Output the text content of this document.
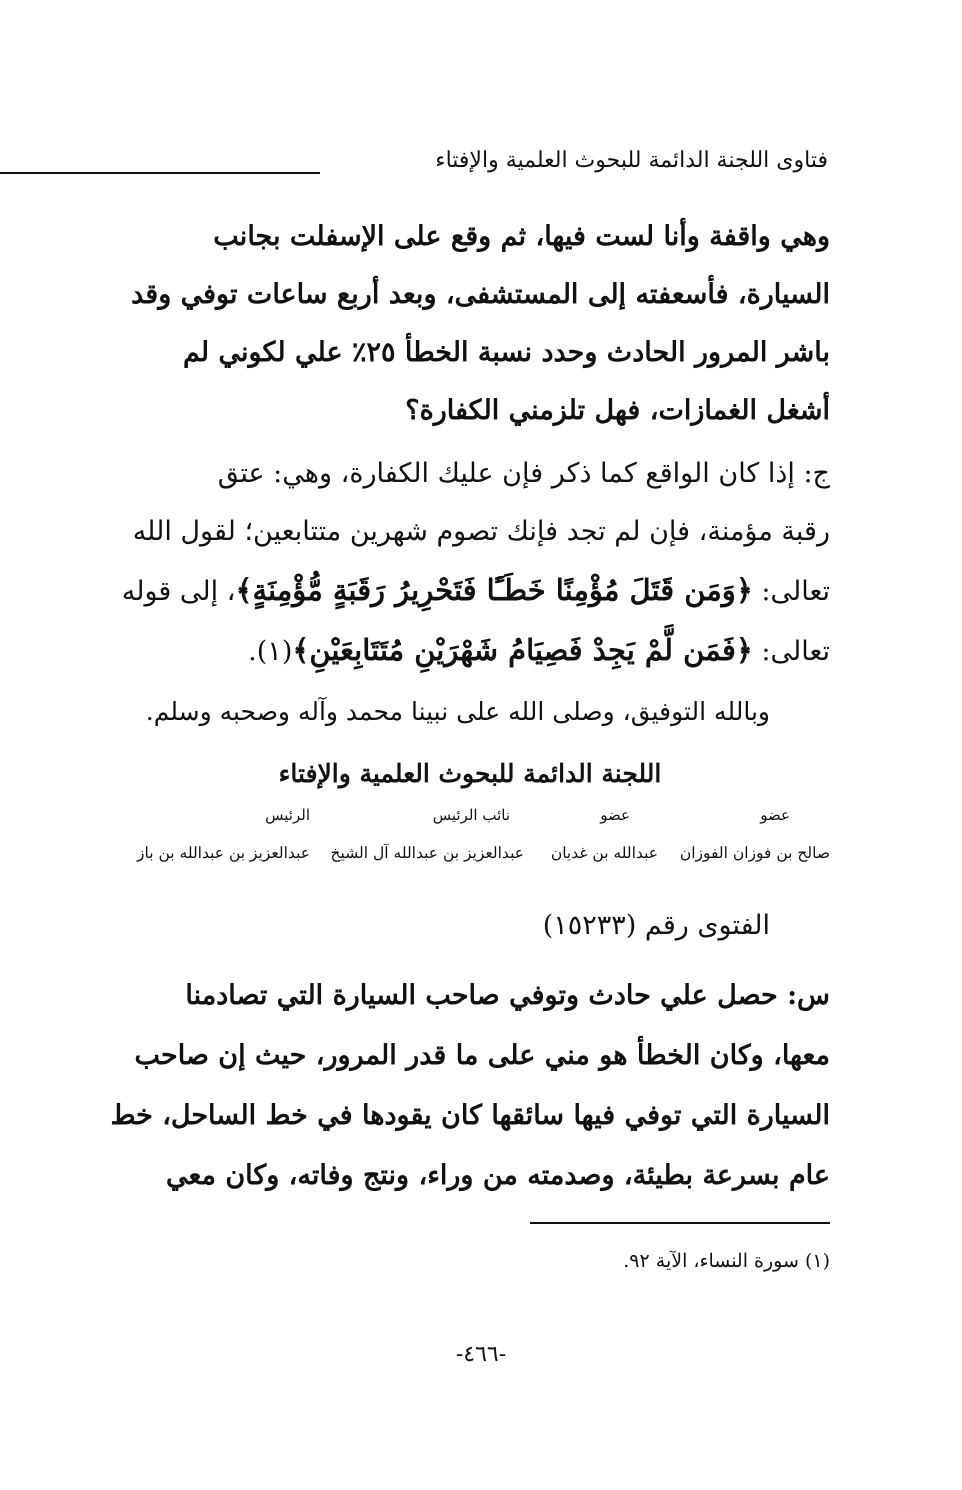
فتاوى اللجنة الدائمة للبحوث العلمية والإفتاء
وهي واقفة وأنا لست فيها، ثم وقع على الإسفلت بجانب
السيارة، فأسعفته إلى المستشفى، وبعد أربع ساعات توفي وقد
باشر المرور الحادث وحدد نسبة الخطأ ٢٥٪ علي لكوني لم
أشغل الغمازات، فهل تلزمني الكفارة؟
ج: إذا كان الواقع كما ذكر فإن عليك الكفارة، وهي: عتق
رقبة مؤمنة، فإن لم تجد فإنك تصوم شهرين متتابعين؛ لقول الله
تعالى: ﴿وَمَن قَتَلَ مُؤْمِنًا خَطَـًٔا فَتَحْرِيرُ رَقَبَةٍ مُّؤْمِنَةٍ﴾، إلى قوله
تعالى: ﴿فَمَن لَّمْ يَجِدْ فَصِيَامُ شَهْرَيْنِ مُتَتَابِعَيْنِ﴾(١).
وبالله التوفيق، وصلى الله على نبينا محمد وآله وصحبه وسلم.
اللجنة الدائمة للبحوث العلمية والإفتاء
عضو
عضو
نائب الرئيس
الرئيس
صالح بن فوزان الفوزان
عبدالله بن غديان
عبدالعزيز بن عبدالله آل الشيخ
عبدالعزيز بن عبدالله بن باز
الفتوى رقم (١٥٢٣٣)
س: حصل علي حادث وتوفي صاحب السيارة التي تصادمنا
معها، وكان الخطأ هو مني على ما قدر المرور، حيث إن صاحب
السيارة التي توفي فيها سائقها كان يقودها في خط الساحل، خط
عام بسرعة بطيئة، وصدمته من وراء، ونتج وفاته، وكان معي
(١) سورة النساء، الآية ٩٢.
-٤٦٦-
